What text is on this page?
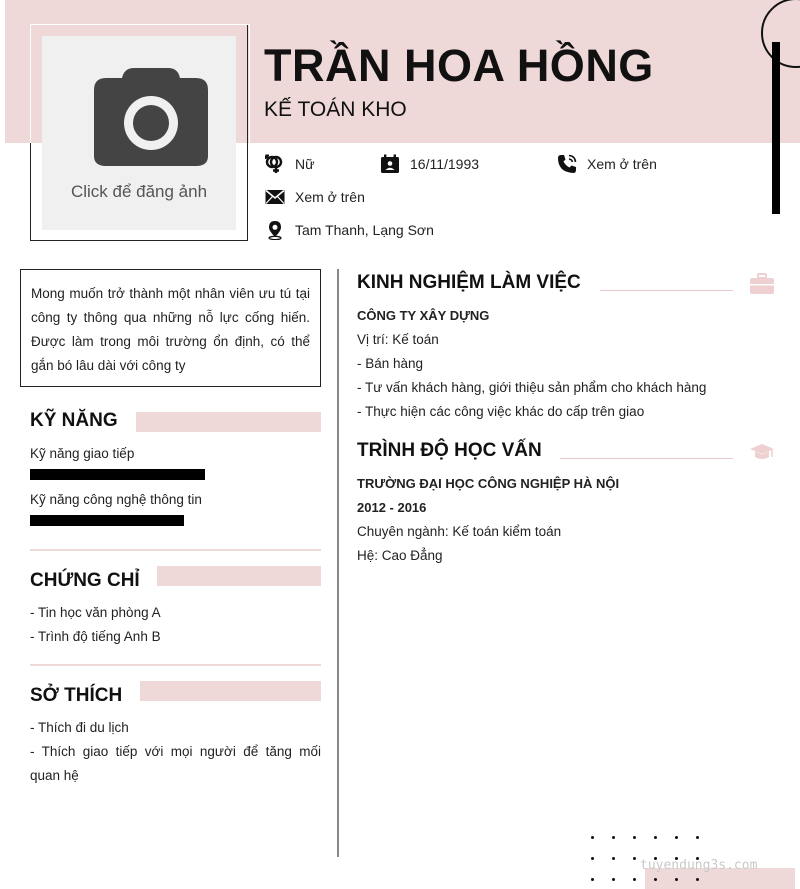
Click để đăng ảnh
TRẦN HOA HỒNG
KẾ TOÁN KHO
Nữ	16/11/1993	Xem ở trên
Xem ở trên
Tam Thanh, Lạng Sơn
Mong muốn trở thành một nhân viên ưu tú tại công ty thông qua những nỗ lực cống hiến. Được làm trong môi trường ổn định, có thể gắn bó lâu dài với công ty
KỸ NĂNG
Kỹ năng giao tiếp
Kỹ năng công nghệ thông tin
CHỨNG CHỈ
- Tin học văn phòng A
- Trình độ tiếng Anh B
SỞ THÍCH
- Thích đi du lịch
- Thích giao tiếp với mọi người để tăng mối quan hệ
KINH NGHIỆM LÀM VIỆC
CÔNG TY XÂY DỰNG
Vị trí: Kế toán
- Bán hàng
- Tư vấn khách hàng, giới thiệu sản phẩm cho khách hàng
- Thực hiện các công việc khác do cấp trên giao
TRÌNH ĐỘ HỌC VẤN
TRƯỜNG ĐẠI HỌC CÔNG NGHIỆP HÀ NỘI
2012 - 2016
Chuyên ngành: Kế toán kiểm toán
Hệ: Cao Đẳng
tuyendung3s.com
